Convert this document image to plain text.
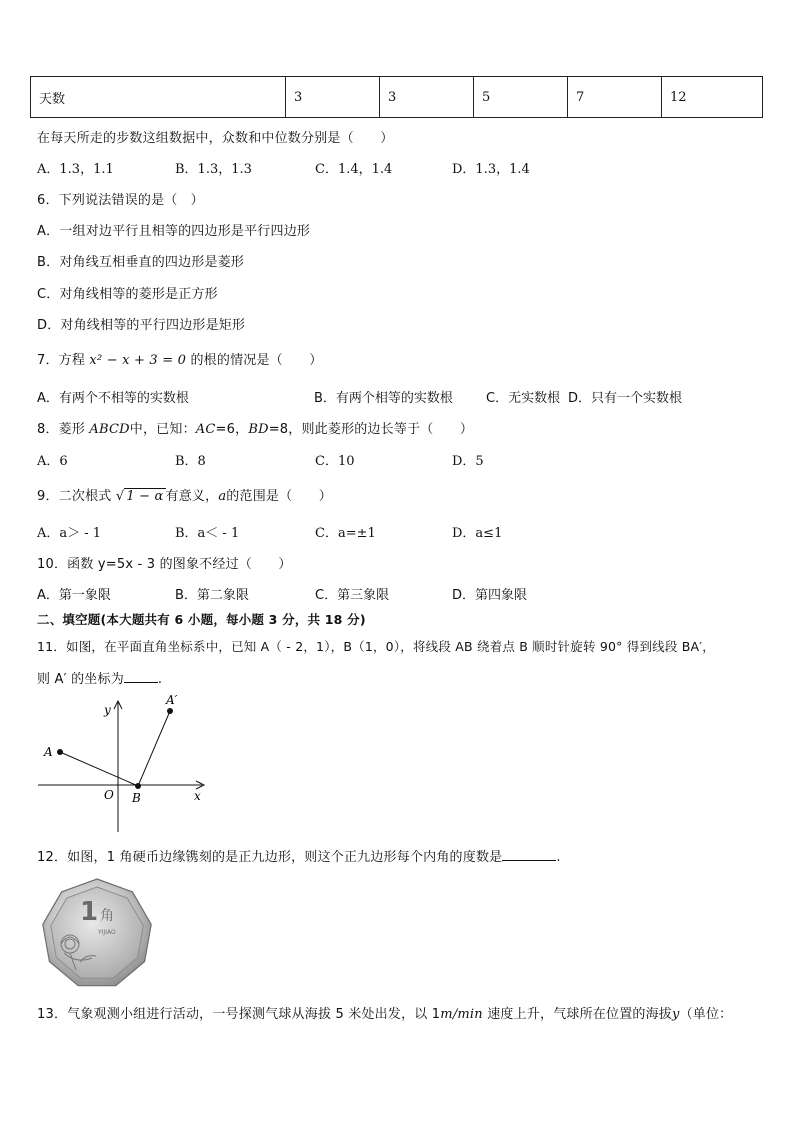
天数	3	3	5	7	12
在每天所走的步数这组数据中，众数和中位数分别是（　　）
A．1.3，1.1	B．1.3，1.3	C．1.4，1.4	D．1.3，1.4
6．下列说法错误的是（　）
A．一组对边平行且相等的四边形是平行四边形
B．对角线互相垂直的四边形是菱形
C．对角线相等的菱形是正方形
D．对角线相等的平行四边形是矩形
7．方程 x² − x + 3 = 0 的根的情况是（　　）
A．有两个不相等的实数根	B．有两个相等的实数根	C．无实数根 D．只有一个实数根
8．菱形 ABCD中，已知：AC=6，BD=8，则此菱形的边长等于（　　）
A．6	B．8	C．10	D．5
9．二次根式 √ 1 − α 有意义，a的范围是（　　）
A．a＞ - 1	B．a＜ - 1	C．a=±1	D．a≤1
10．函数 y=5x - 3 的图象不经过（　　）
A．第一象限	B．第二象限	C．第三象限	D．第四象限
二、填空题(本大题共有 6 小题，每小题 3 分，共 18 分)
11．如图，在平面直角坐标系中，已知 A（ - 2，1），B（1，0），将线段 AB 绕着点 B 顺时针旋转 90° 得到线段 BA′，
则 A′ 的坐标为	.
A
A′
O B	x
y
12．如图，1 角硬币边缘镌刻的是正九边形，则这个正九边形每个内角的度数是	.
1 角
YIJIAO
13．气象观测小组进行活动，一号探测气球从海拔 5 米处出发，以 1m/min 速度上升，气球所在位置的海拔y（单位：
